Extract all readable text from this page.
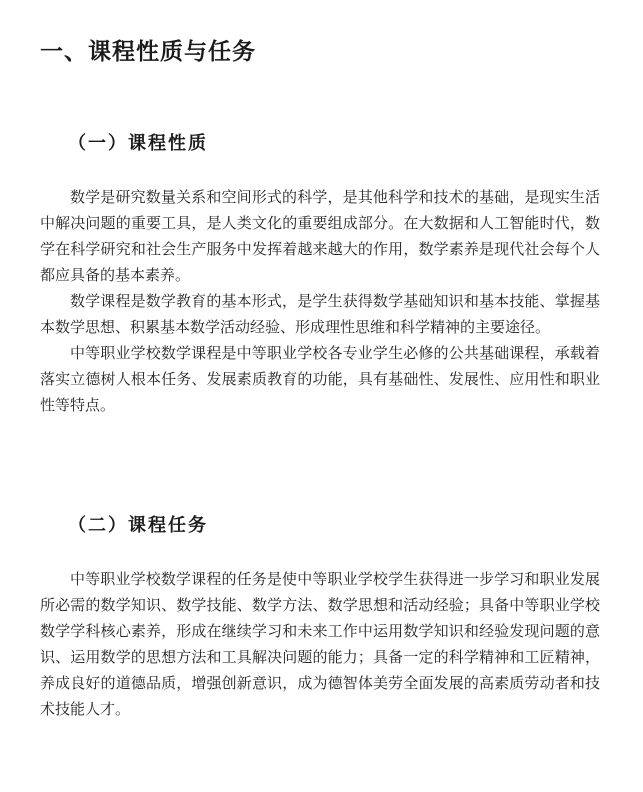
一、课程性质与任务
（一）课程性质

数学是研究数量关系和空间形式的科学，是其他科学和技术的基础，是现实生活中解决问题的重要工具，是人类文化的重要组成部分。在大数据和人工智能时代，数学在科学研究和社会生产服务中发挥着越来越大的作用，数学素养是现代社会每个人都应具备的基本素养。

数学课程是数学教育的基本形式，是学生获得数学基础知识和基本技能、掌握基本数学思想、积累基本数学活动经验、形成理性思维和科学精神的主要途径。

中等职业学校数学课程是中等职业学校各专业学生必修的公共基础课程，承载着落实立德树人根本任务、发展素质教育的功能，具有基础性、发展性、应用性和职业性等特点。

（二）课程任务

中等职业学校数学课程的任务是使中等职业学校学生获得进一步学习和职业发展所必需的数学知识、数学技能、数学方法、数学思想和活动经验；具备中等职业学校数学学科核心素养，形成在继续学习和未来工作中运用数学知识和经验发现问题的意识、运用数学的思想方法和工具解决问题的能力；具备一定的科学精神和工匠精神，养成良好的道德品质，增强创新意识，成为德智体美劳全面发展的高素质劳动者和技术技能人才。
